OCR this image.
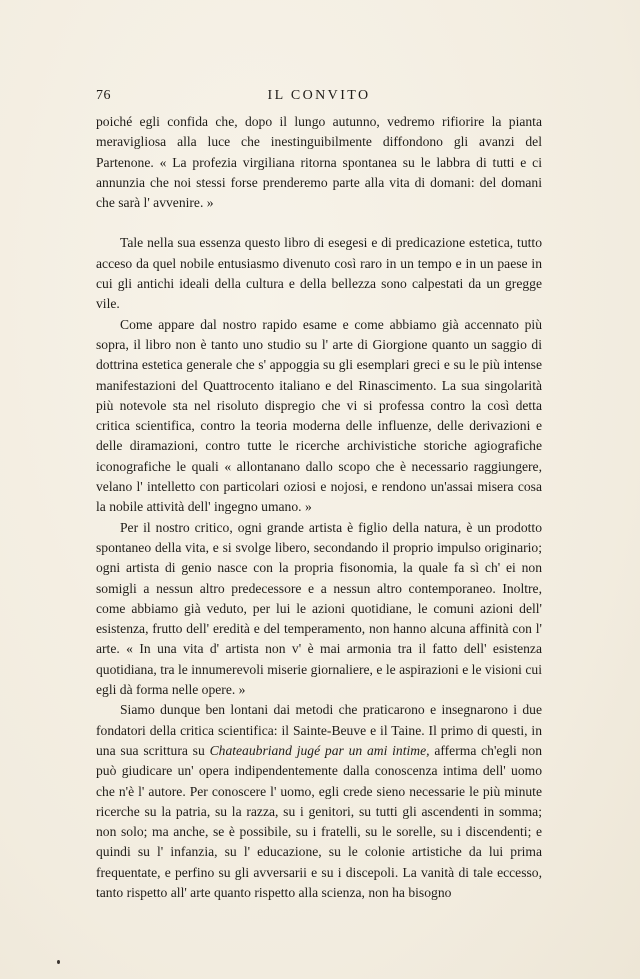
76	IL CONVITO

poiché egli confida che, dopo il lungo autunno, vedremo rifiorire la pianta meravigliosa alla luce che inestinguibilmente diffondono gli avanzi del Partenone. « La profezia virgiliana ritorna spontanea su le labbra di tutti e ci annunzia che noi stessi forse prenderemo parte alla vita di domani: del domani che sarà l' avvenire. »

Tale nella sua essenza questo libro di esegesi e di predicazione estetica, tutto acceso da quel nobile entusiasmo divenuto così raro in un tempo e in un paese in cui gli antichi ideali della cultura e della bellezza sono calpestati da un gregge vile.

Come appare dal nostro rapido esame e come abbiamo già accennato più sopra, il libro non è tanto uno studio su l' arte di Giorgione quanto un saggio di dottrina estetica generale che s' appoggia su gli esemplari greci e su le più intense manifestazioni del Quattrocento italiano e del Rinascimento. La sua singolarità più notevole sta nel risoluto dispregio che vi si professa contro la così detta critica scientifica, contro la teoria moderna delle influenze, delle derivazioni e delle diramazioni, contro tutte le ricerche archivistiche storiche agiografiche iconografiche le quali « allontanano dallo scopo che è necessario raggiungere, velano l' intelletto con particolari oziosi e nojosi, e rendono un'assai misera cosa la nobile attività dell' ingegno umano. »

Per il nostro critico, ogni grande artista è figlio della natura, è un prodotto spontaneo della vita, e si svolge libero, secondando il proprio impulso originario; ogni artista di genio nasce con la propria fisonomia, la quale fa sì ch' ei non somigli a nessun altro predecessore e a nessun altro contemporaneo. Inoltre, come abbiamo già veduto, per lui le azioni quotidiane, le comuni azioni dell' esistenza, frutto dell' eredità e del temperamento, non hanno alcuna affinità con l' arte. « In una vita d' artista non v' è mai armonia tra il fatto dell' esistenza quotidiana, tra le innumerevoli miserie giornaliere, e le aspirazioni e le visioni cui egli dà forma nelle opere. »

Siamo dunque ben lontani dai metodi che praticarono e insegnarono i due fondatori della critica scientifica: il Sainte-Beuve e il Taine. Il primo di questi, in una sua scrittura su Chateaubriand jugé par un ami intime, afferma ch'egli non può giudicare un' opera indipendentemente dalla conoscenza intima dell' uomo che n'è l' autore. Per conoscere l' uomo, egli crede sieno necessarie le più minute ricerche su la patria, su la razza, su i genitori, su tutti gli ascendenti in somma; non solo; ma anche, se è possibile, su i fratelli, su le sorelle, su i discendenti; e quindi su l' infanzia, su l' educazione, su le colonie artistiche da lui prima frequentate, e perfino su gli avversarii e su i discepoli. La vanità di tale eccesso, tanto rispetto all' arte quanto rispetto alla scienza, non ha bisogno
